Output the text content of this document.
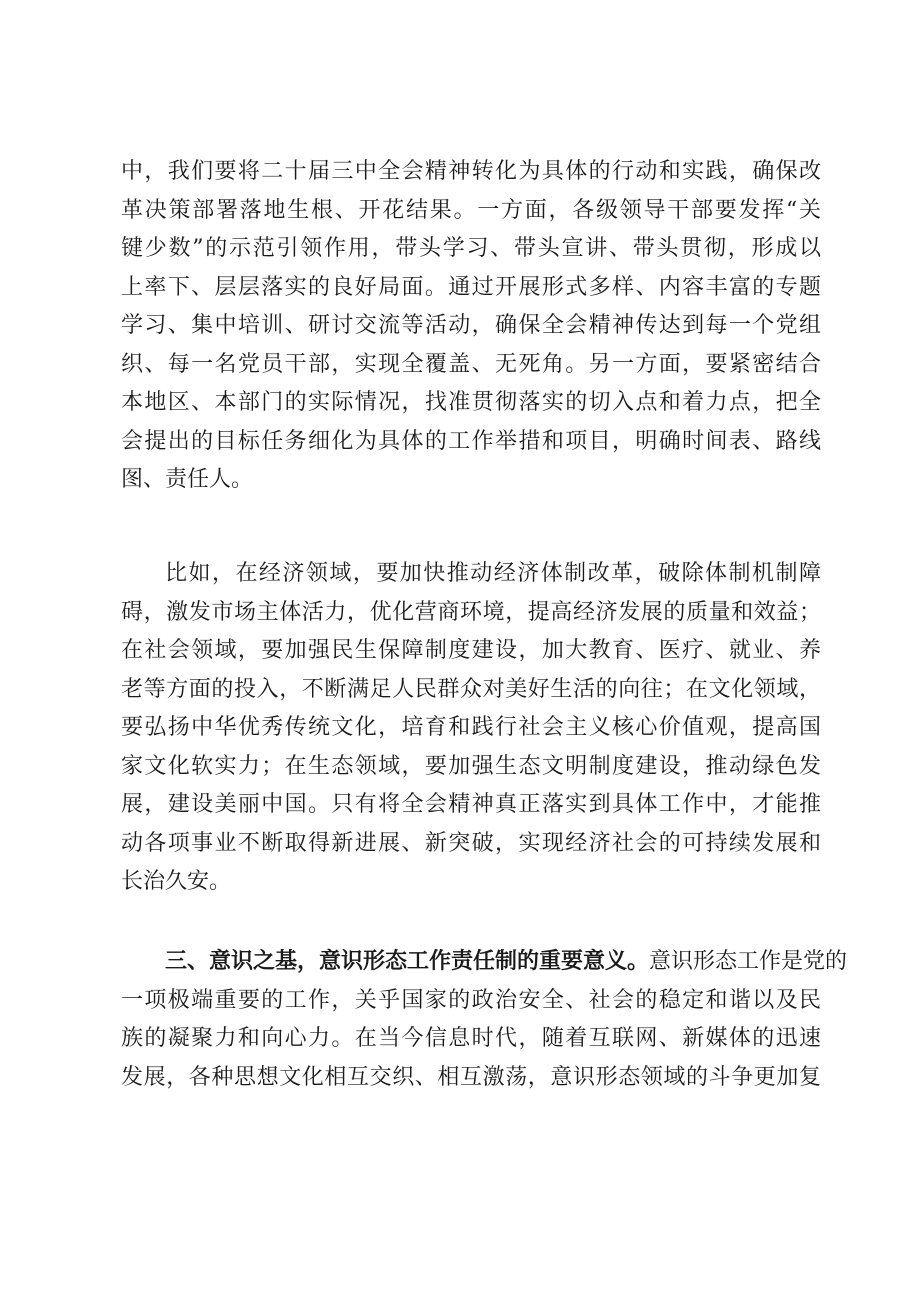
中，我们要将二十届三中全会精神转化为具体的行动和实践，确保改
革决策部署落地生根、开花结果。一方面，各级领导干部要发挥“关
键少数”的示范引领作用，带头学习、带头宣讲、带头贯彻，形成以
上率下、层层落实的良好局面。通过开展形式多样、内容丰富的专题
学习、集中培训、研讨交流等活动，确保全会精神传达到每一个党组
织、每一名党员干部，实现全覆盖、无死角。另一方面，要紧密结合
本地区、本部门的实际情况，找准贯彻落实的切入点和着力点，把全
会提出的目标任务细化为具体的工作举措和项目，明确时间表、路线
图、责任人。
比如，在经济领域，要加快推动经济体制改革，破除体制机制障
碍，激发市场主体活力，优化营商环境，提高经济发展的质量和效益；
在社会领域，要加强民生保障制度建设，加大教育、医疗、就业、养
老等方面的投入，不断满足人民群众对美好生活的向往；在文化领域，
要弘扬中华优秀传统文化，培育和践行社会主义核心价值观，提高国
家文化软实力；在生态领域，要加强生态文明制度建设，推动绿色发
展，建设美丽中国。只有将全会精神真正落实到具体工作中，才能推
动各项事业不断取得新进展、新突破，实现经济社会的可持续发展和
长治久安。
三、意识之基，意识形态工作责任制的重要意义。意识形态工作是党的
一项极端重要的工作，关乎国家的政治安全、社会的稳定和谐以及民
族的凝聚力和向心力。在当今信息时代，随着互联网、新媒体的迅速
发展，各种思想文化相互交织、相互激荡，意识形态领域的斗争更加复
